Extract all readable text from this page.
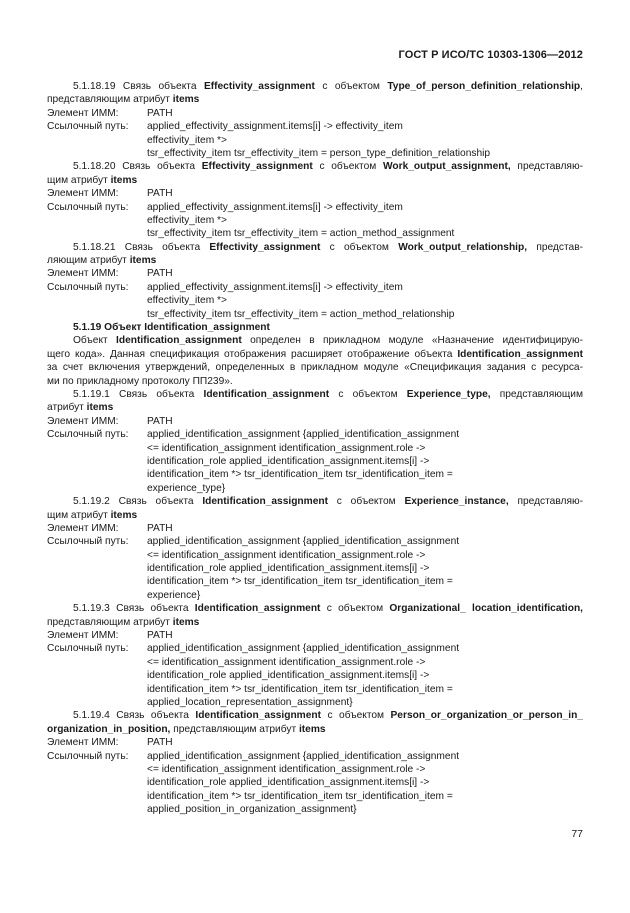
ГОСТ Р ИСО/ТС 10303-1306—2012
5.1.18.19 Связь объекта Effectivity_assignment с объектом Type_of_person_definition_relationship,
представляющим атрибут items
Элемент ИММ:	PATH
Ссылочный путь:	applied_effectivity_assignment.items[i] -> effectivity_item
effectivity_item *>
tsr_effectivity_item tsr_effectivity_item = person_type_definition_relationship
5.1.18.20 Связь объекта Effectivity_assignment с объектом Work_output_assignment, представляю-
щим атрибут items
Элемент ИММ:	PATH
Ссылочный путь:	applied_effectivity_assignment.items[i] -> effectivity_item
effectivity_item *>
tsr_effectivity_item tsr_effectivity_item = action_method_assignment
5.1.18.21 Связь объекта Effectivity_assignment с объектом Work_output_relationship, представ-
ляющим атрибут items
Элемент ИММ:	PATH
Ссылочный путь:	applied_effectivity_assignment.items[i] -> effectivity_item
effectivity_item *>
tsr_effectivity_item tsr_effectivity_item = action_method_relationship
5.1.19 Объект Identification_assignment
Объект Identification_assignment определен в прикладном модуле «Назначение идентифицирую-
щего кода». Данная спецификация отображения расширяет отображение объекта Identification_assignment
за счет включения утверждений, определенных в прикладном модуле «Спецификация задания с ресурса-
ми по прикладному протоколу ПП239».
5.1.19.1 Связь объекта Identification_assignment с объектом Experience_type, представляющим
атрибут items
Элемент ИММ:	PATH
Ссылочный путь:	applied_identification_assignment {applied_identification_assignment
<= identification_assignment identification_assignment.role ->
identification_role applied_identification_assignment.items[i] ->
identification_item *> tsr_identification_item tsr_identification_item =
experience_type}
5.1.19.2 Связь объекта Identification_assignment с объектом Experience_instance, представляю-
щим атрибут items
Элемент ИММ:	PATH
Ссылочный путь:	applied_identification_assignment {applied_identification_assignment
<= identification_assignment identification_assignment.role ->
identification_role applied_identification_assignment.items[i] ->
identification_item *> tsr_identification_item tsr_identification_item =
experience}
5.1.19.3 Связь объекта Identification_assignment с объектом Organizational_ location_identification,
представляющим атрибут items
Элемент ИММ:	PATH
Ссылочный путь:	applied_identification_assignment {applied_identification_assignment
<= identification_assignment identification_assignment.role ->
identification_role applied_identification_assignment.items[i] ->
identification_item *> tsr_identification_item tsr_identification_item =
applied_location_representation_assignment}
5.1.19.4 Связь объекта Identification_assignment с объектом Person_or_organization_or_person_in_
organization_in_position, представляющим атрибут items
Элемент ИММ:	PATH
Ссылочный путь:	applied_identification_assignment {applied_identification_assignment
<= identification_assignment identification_assignment.role ->
identification_role applied_identification_assignment.items[i] ->
identification_item *> tsr_identification_item tsr_identification_item =
applied_position_in_organization_assignment}
77
